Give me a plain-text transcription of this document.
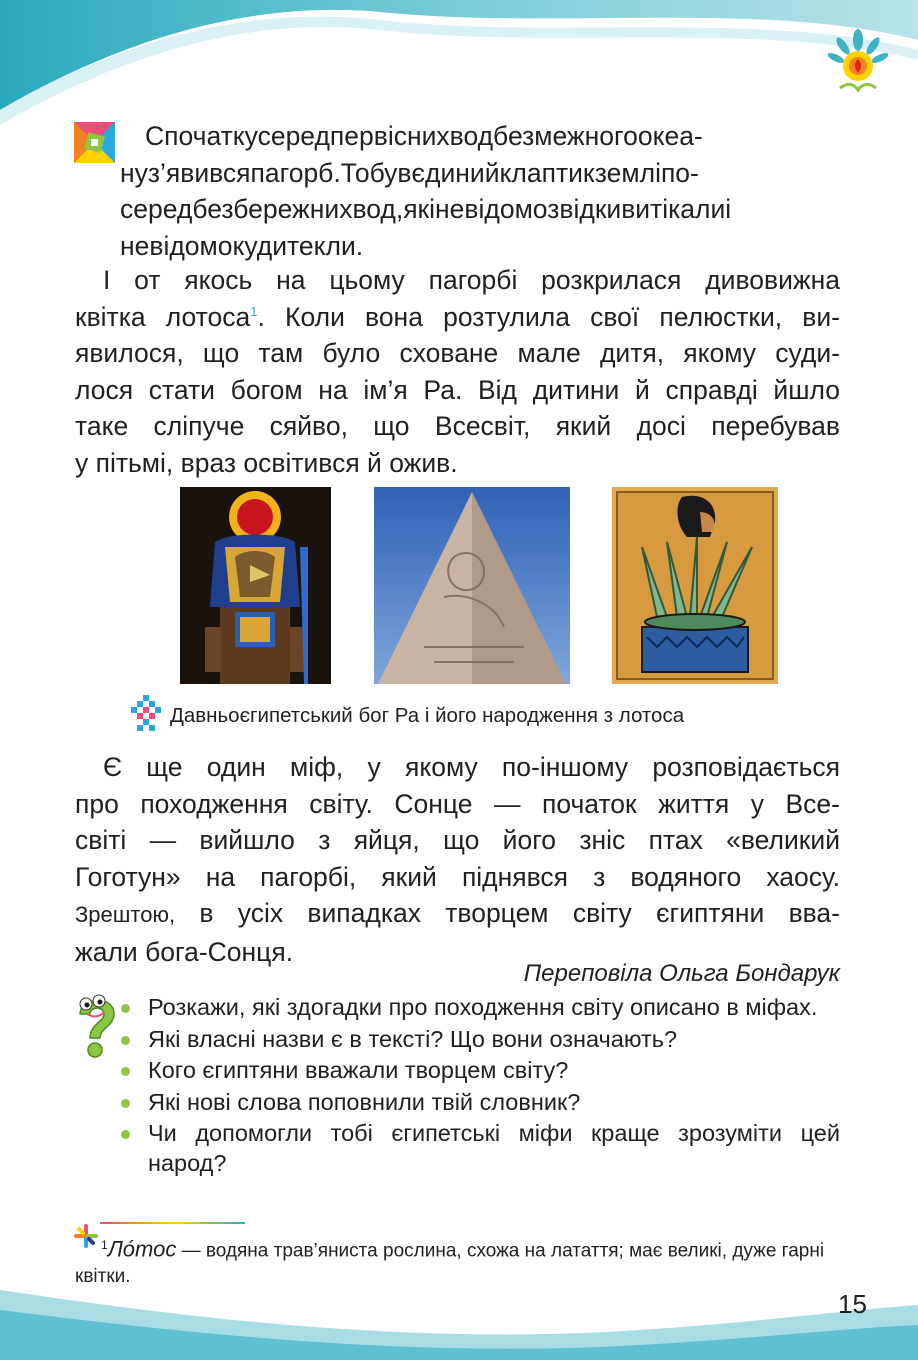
Спочаткусередпервіснихводбезмежногоокеа-
нуз’явивсяпагорб.Тобувєдинийклаптикземліпо-
середбезбережнихвод,якіневідомозвідкивитікалиі
невідомокудитекли.

І от якось на цьому пагорбі розкрилася дивовижна
квітка лотоса$^1$. Коли вона розтулила свої пелюстки, ви-
явилося, що там було сховане мале дитя, якому суди-
лося стати богом на ім’я Ра. Від дитини й справді йшло
таке сліпуче сяйво, що Всесвіт, який досі перебував
у пітьмі, враз освітився й ожив.

Давньоєгипетський бог Ра і його народження з лотоса

Є ще один міф, у якому по-іншому розповідається
про походження світу. Сонце — початок життя у Все-
світі — вийшло з яйця, що його зніс птах «великий
Гоготун» на пагорбі, який піднявся з водяного хаосу.
Зрештою, в усіх випадках творцем світу єгиптяни вва-
жали бога-Сонця.

Переповіла Ольга Бондарук
Розкажи, які здогадки про походження світу описано в міфах.
Які власні назви є в тексті? Що вони означають?
Кого єгиптяни вважали творцем світу?
Які нові слова поповнили твій словник?
Чи допомогли тобі єгипетські міфи краще зрозуміти цей народ?
$^1$Ло́тос — водяна трав’яниста рослина, схожа на латаття; має великі, дуже гарні квітки.
15
